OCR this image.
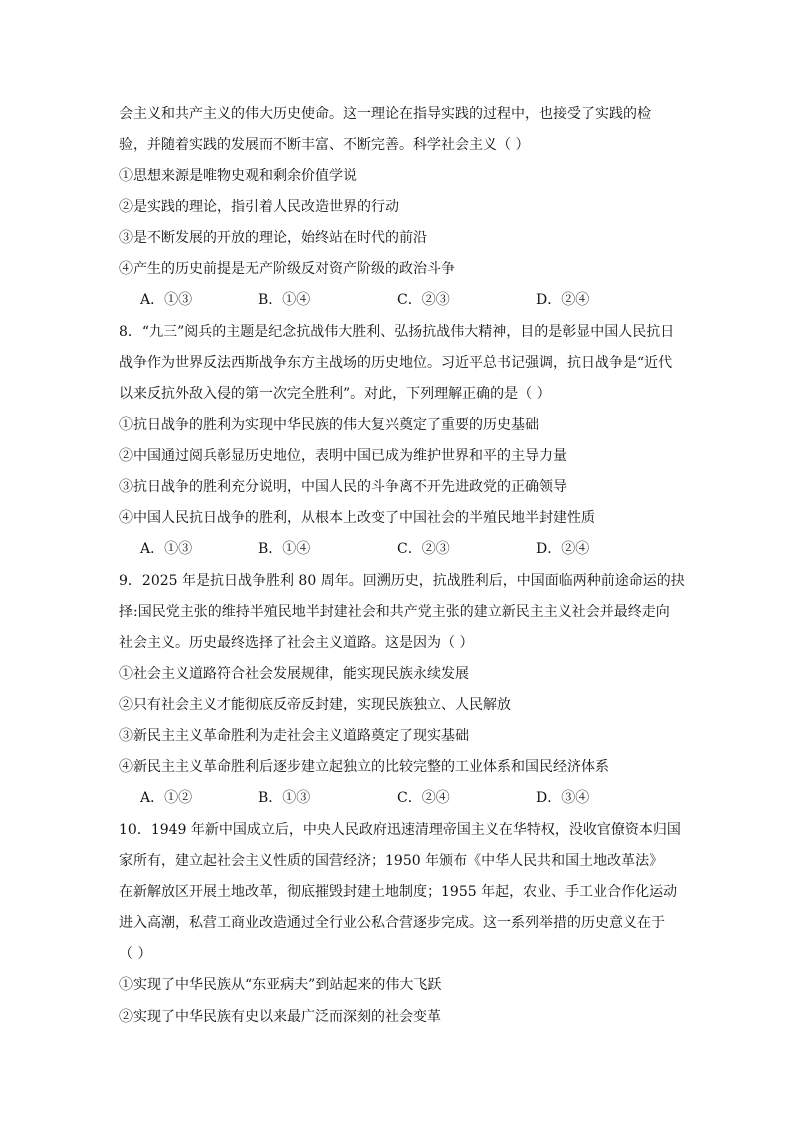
会主义和共产主义的伟大历史使命。这一理论在指导实践的过程中，也接受了实践的检
验，并随着实践的发展而不断丰富、不断完善。科学社会主义（ ）
①思想来源是唯物史观和剩余价值学说
②是实践的理论，指引着人民改造世界的行动
③是不断发展的开放的理论，始终站在时代的前沿
④产生的历史前提是无产阶级反对资产阶级的政治斗争
A．①③	B．①④	C．②③	D．②④
8．“九三”阅兵的主题是纪念抗战伟大胜利、弘扬抗战伟大精神，目的是彰显中国人民抗日
战争作为世界反法西斯战争东方主战场的历史地位。习近平总书记强调，抗日战争是“近代
以来反抗外敌入侵的第一次完全胜利”。对此，下列理解正确的是（ ）
①抗日战争的胜利为实现中华民族的伟大复兴奠定了重要的历史基础
②中国通过阅兵彰显历史地位，表明中国已成为维护世界和平的主导力量
③抗日战争的胜利充分说明，中国人民的斗争离不开先进政党的正确领导
④中国人民抗日战争的胜利，从根本上改变了中国社会的半殖民地半封建性质
A．①③	B．①④	C．②③	D．②④
9．2025 年是抗日战争胜利 80 周年。回溯历史，抗战胜利后，中国面临两种前途命运的抉
择:国民党主张的维持半殖民地半封建社会和共产党主张的建立新民主主义社会并最终走向
社会主义。历史最终选择了社会主义道路。这是因为（ ）
①社会主义道路符合社会发展规律，能实现民族永续发展
②只有社会主义才能彻底反帝反封建，实现民族独立、人民解放
③新民主主义革命胜利为走社会主义道路奠定了现实基础
④新民主主义革命胜利后逐步建立起独立的比较完整的工业体系和国民经济体系
A．①②	B．①③	C．②④	D．③④
10．1949 年新中国成立后，中央人民政府迅速清理帝国主义在华特权，没收官僚资本归国
家所有，建立起社会主义性质的国营经济；1950 年颁布《中华人民共和国土地改革法》
在新解放区开展土地改革，彻底摧毁封建土地制度；1955 年起，农业、手工业合作化运动
进入高潮，私营工商业改造通过全行业公私合营逐步完成。这一系列举措的历史意义在于
（ ）
①实现了中华民族从“东亚病夫”到站起来的伟大飞跃
②实现了中华民族有史以来最广泛而深刻的社会变革
